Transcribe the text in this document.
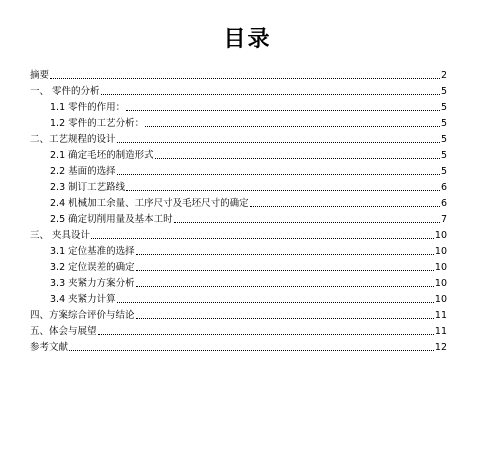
目录
摘要	2
一、 零件的分析	5
1.1 零件的作用：	5
1.2 零件的工艺分析：	5
二、工艺规程的设计	5
2.1 确定毛坯的制造形式	5
2.2 基面的选择	5
2.3 制订工艺路线	6
2.4 机械加工余量、工序尺寸及毛坯尺寸的确定	6
2.5 确定切削用量及基本工时	7
三、 夹具设计	10
3.1 定位基准的选择	10
3.2 定位误差的确定	10
3.3 夹紧力方案分析	10
3.4 夹紧力计算	10
四、方案综合评价与结论	11
五、体会与展望	11
参考文献	12
